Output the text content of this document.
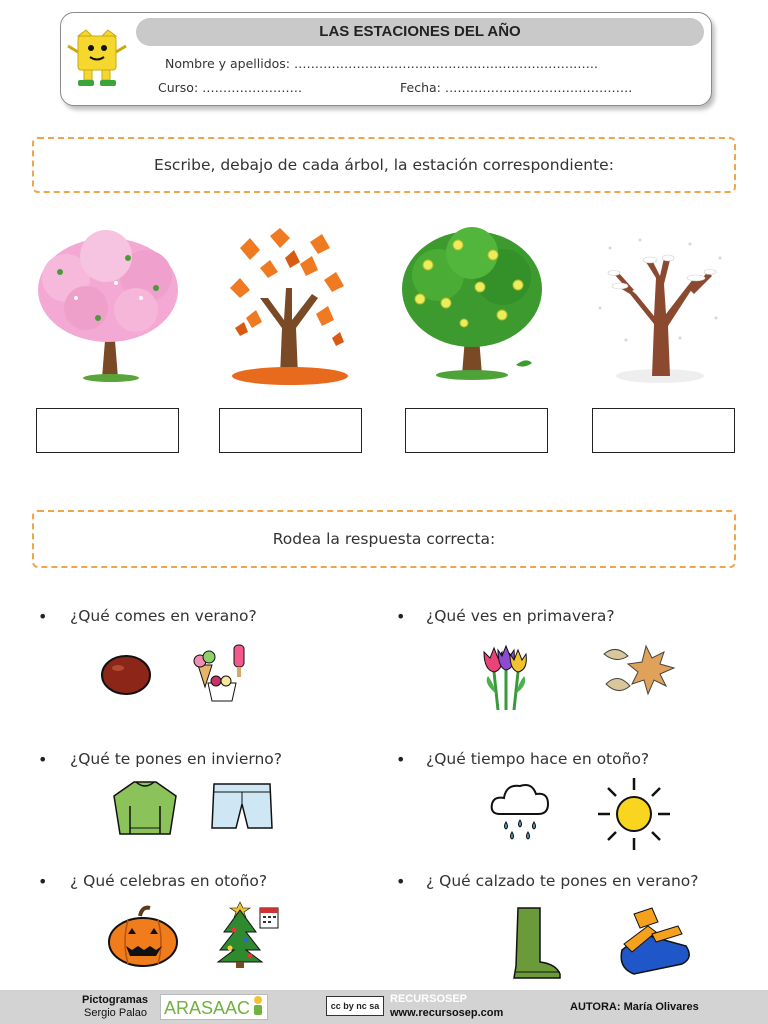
LAS ESTACIONES DEL AÑO
Nombre y apellidos: ……………………………………………………………….
Curso: ……………………	Fecha: ………………………………………
Escribe, debajo de cada árbol, la estación correspondiente:
Rodea la respuesta correcta:
• ¿Qué comes en verano?	• ¿Qué ves en primavera?
• ¿Qué te pones en invierno?	• ¿Qué tiempo hace en otoño?
• ¿ Qué celebras en otoño?	• ¿ Qué calzado te pones en verano?
Pictogramas
Sergio Palao ARASAAC	cc by nc sa
RECURSOSEP
www.recursosep.com	AUTORA: María Olivares
